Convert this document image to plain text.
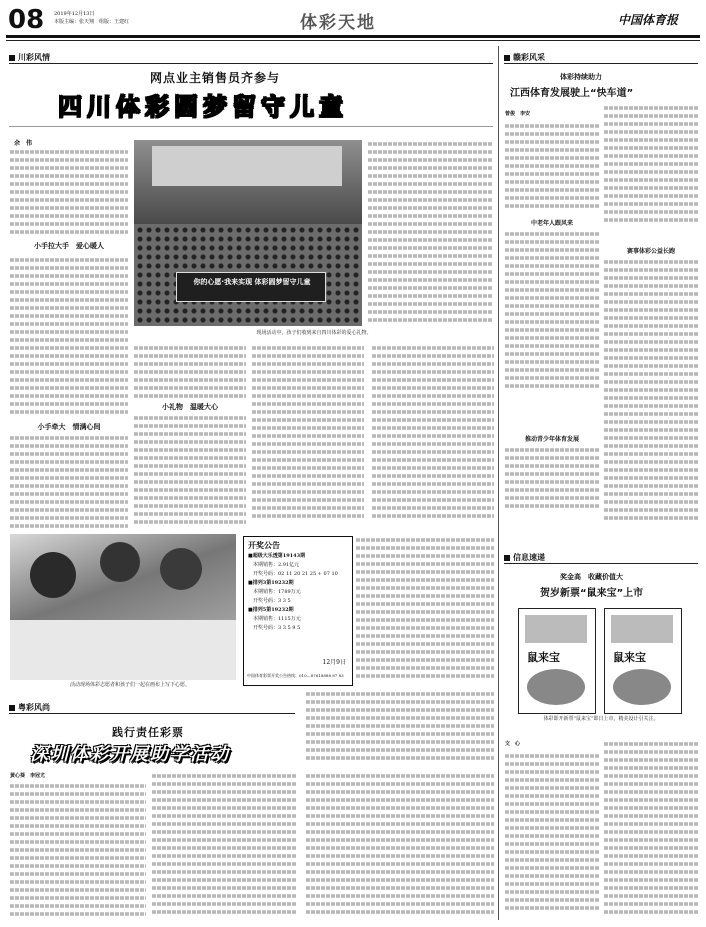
08 2019年12月13日
本版主编：张天翔　组版：王建红	体彩天地	中国体育报
川彩风情
网点业主销售员齐参与
四川体彩圆梦留守儿童
余　伟
小手拉大手　爱心暖人
小手牵大　情满心间
你的心愿·我来实现 体彩圆梦留守儿童
现场活动中，孩子们收到来自四川体彩的爱心礼物。
小礼物　温暖大心
活动现场体彩志愿者和孩子们一起在画布上写下心愿。
开奖公告
■超级大乐透第19143期
　本期销售：2.91亿元
　开奖号码：02 11 20 21 25 + 07 10
■排列3第19232期
　本期销售：1789万元
　开奖号码：3 3 5
■排列5第19232期
　本期销售：1115万元
　开奖号码：3 3 5 9 5
12月9日
中国体育彩票开奖公告热线：010—87618888 87 83
赣彩风采
体彩持续助力
江西体育发展驶上“快车道”
曾俊　李安
中老年人跟风来
推动青少年体育发展
赛事体彩公益长跑
信息速递
奖金高　收藏价值大
贺岁新票“鼠来宝”上市
鼠来宝	鼠来宝
体彩即开新票“鼠来宝”即日上市，精美设计引关注。
文　心
粤彩风尚
践行责任彩票
深圳体彩开展助学活动
黄心葵　李冠尤
